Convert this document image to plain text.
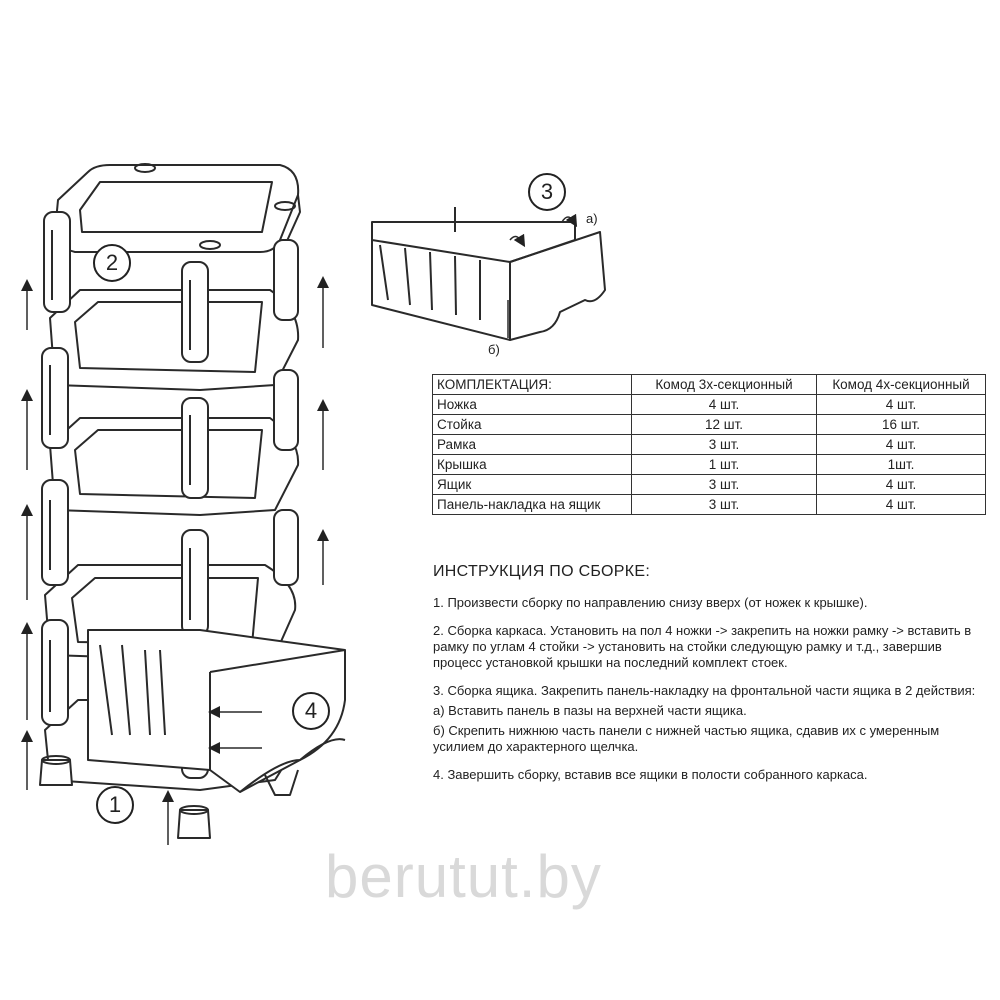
2
1
3
4
а)
б)
КОМПЛЕКТАЦИЯ:	Комод 3х-секционный	Комод 4х-секционный
Ножка	4 шт.	4 шт.
Стойка	12 шт.	16 шт.
Рамка	3 шт.	4 шт.
Крышка	1 шт.	1шт.
Ящик	3 шт.	4 шт.
Панель-накладка на ящик	3 шт.	4 шт.
ИНСТРУКЦИЯ ПО СБОРКЕ:

1. Произвести сборку по направлению снизу вверх (от ножек к крышке).

2. Сборка каркаса. Установить на пол 4 ножки -> закрепить на ножки рамку -> вставить в рамку по углам 4 стойки -> установить на стойки следующую рамку и т.д., завершив процесс установкой крышки на последний комплект стоек.

3. Сборка ящика. Закрепить панель-накладку на фронтальной части ящика в 2 действия:

а) Вставить панель в пазы на верхней части ящика.

б) Скрепить нижнюю часть панели с нижней частью ящика, сдавив их с умеренным усилием до характерного щелчка.

4. Завершить сборку, вставив все ящики в полости собранного каркаса.

berutut.by
